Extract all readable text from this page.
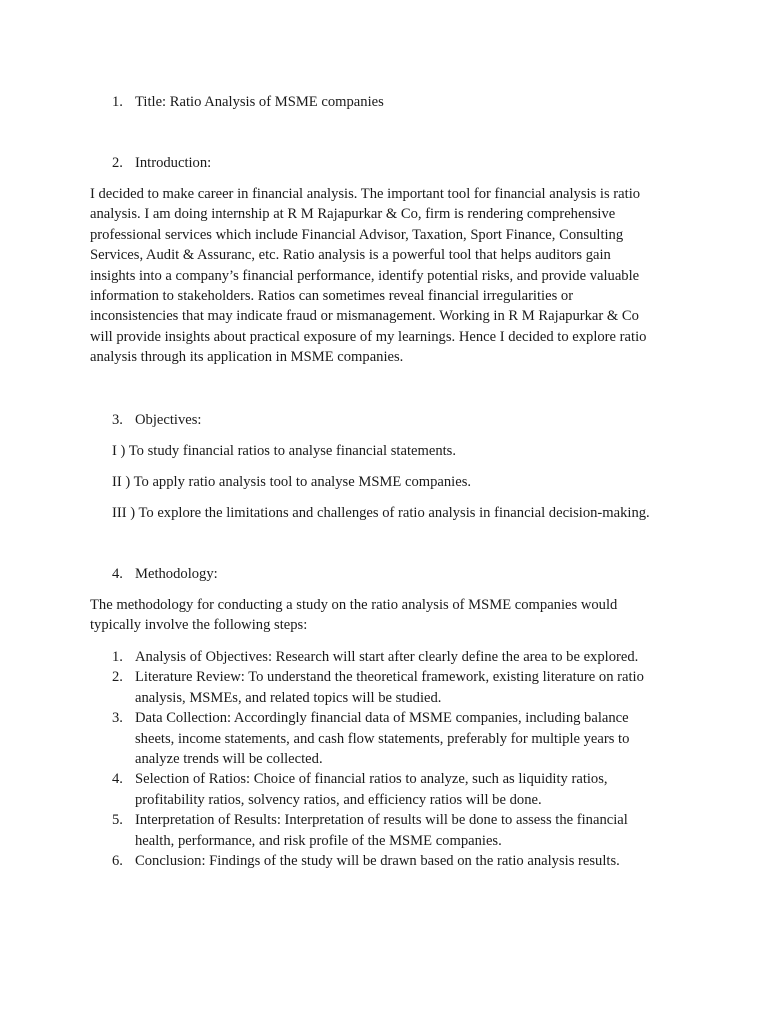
1. Title: Ratio Analysis of MSME companies
2. Introduction:

I decided to make career in financial analysis. The important tool for financial analysis is ratio
analysis. I am doing internship at R M Rajapurkar & Co, firm is rendering comprehensive
professional services which include Financial Advisor, Taxation, Sport Finance, Consulting
Services, Audit & Assuranc, etc. Ratio analysis is a powerful tool that helps auditors gain
insights into a company’s financial performance, identify potential risks, and provide valuable
information to stakeholders. Ratios can sometimes reveal financial irregularities or
inconsistencies that may indicate fraud or mismanagement. Working in R M Rajapurkar & Co
will provide insights about practical exposure of my learnings. Hence I decided to explore ratio
analysis through its application in MSME companies.

3. Objectives:
I ) To study financial ratios to analyse financial statements.
II ) To apply ratio analysis tool to analyse MSME companies.
III ) To explore the limitations and challenges of ratio analysis in financial decision-making.
4. Methodology:

The methodology for conducting a study on the ratio analysis of MSME companies would
typically involve the following steps:

1. Analysis of Objectives: Research will start after clearly define the area to be explored.
2. Literature Review: To understand the theoretical framework, existing literature on ratio
analysis, MSMEs, and related topics will be studied.
3. Data Collection: Accordingly financial data of MSME companies, including balance
sheets, income statements, and cash flow statements, preferably for multiple years to
analyze trends will be collected.
4. Selection of Ratios: Choice of financial ratios to analyze, such as liquidity ratios,
profitability ratios, solvency ratios, and efficiency ratios will be done.
5. Interpretation of Results: Interpretation of results will be done to assess the financial
health, performance, and risk profile of the MSME companies.
6. Conclusion: Findings of the study will be drawn based on the ratio analysis results.
